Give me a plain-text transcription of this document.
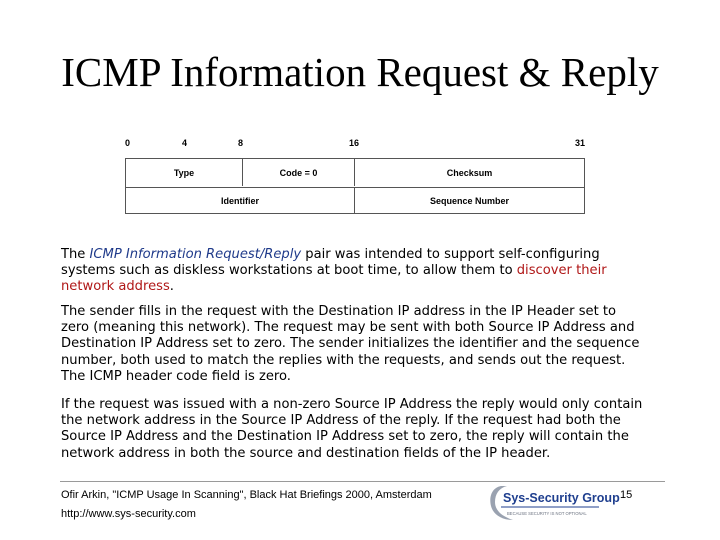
ICMP Information Request & Reply
0	4	8	16	31
Type	Code = 0	Checksum
Identifier	Sequence Number
The ICMP Information Request/Reply pair was intended to support self-configuring systems such as diskless workstations at boot time, to allow them to discover their network address.
The sender fills in the request with the Destination IP address in the IP Header set to zero (meaning this network). The request may be sent with both Source IP Address and Destination IP Address set to zero. The sender initializes the identifier and the sequence number, both used to match the replies with the requests, and sends out the request. The ICMP header code field is zero.
If the request was issued with a non-zero Source IP Address the reply would only contain the network address in the Source IP Address of the reply. If the request had both the Source IP Address and the Destination IP Address set to zero, the reply will contain the network address in both the source and destination fields of the IP header.
Ofir Arkin, "ICMP Usage In Scanning", Black Hat Briefings 2000, Amsterdam
http://www.sys-security.com
15
Sys-Security Group
BECAUSE SECURITY IS NOT OPTIONAL
